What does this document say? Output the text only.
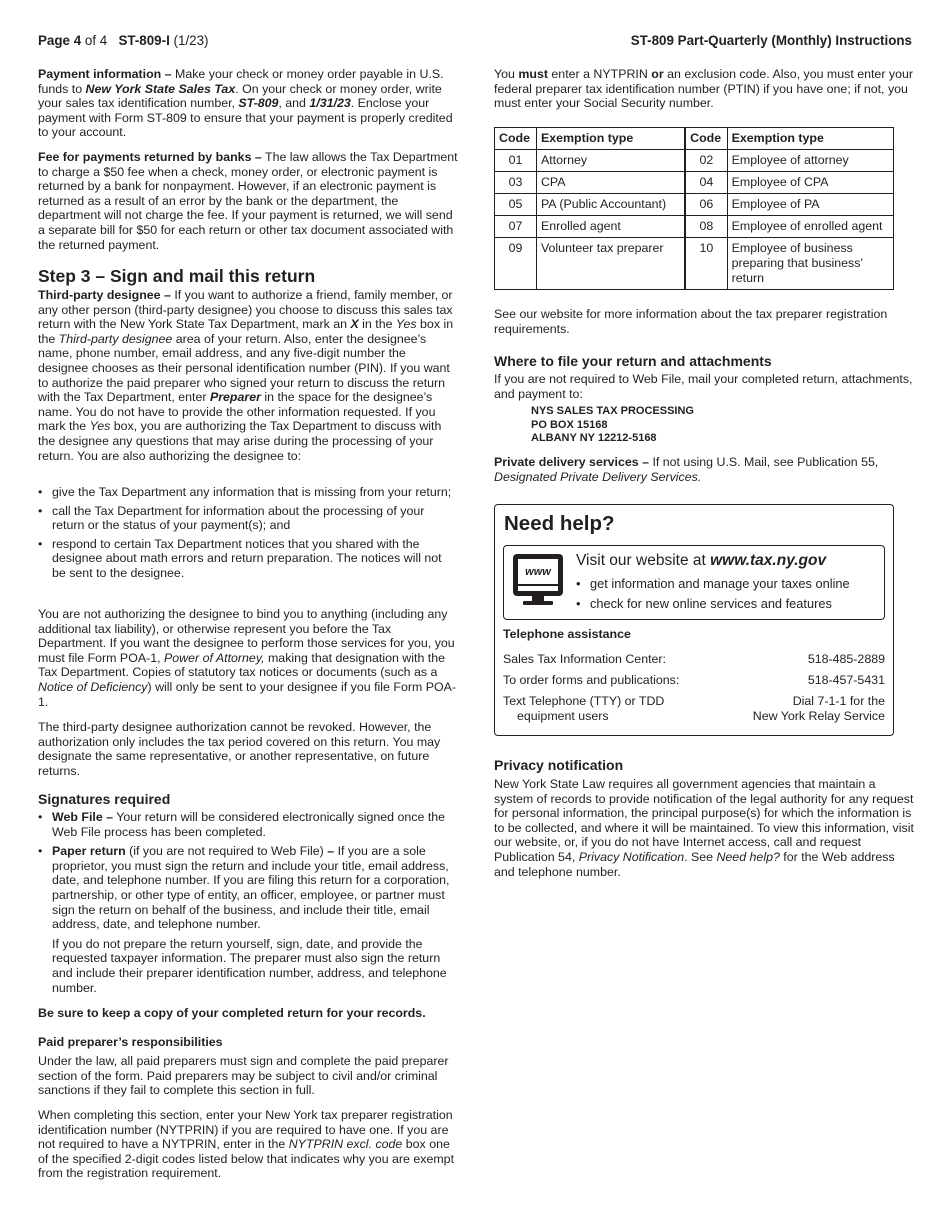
Page 4 of 4 ST-809-I (1/23)	ST-809 Part-Quarterly (Monthly) Instructions

Payment information – Make your check or money order payable in U.S. funds to New York State Sales Tax. On your check or money order, write your sales tax identification number, ST-809, and 1/31/23. Enclose your payment with Form ST-809 to ensure that your payment is properly credited to your account.

Fee for payments returned by banks – The law allows the Tax Department to charge a $50 fee when a check, money order, or electronic payment is returned by a bank for nonpayment. However, if an electronic payment is returned as a result of an error by the bank or the department, the department will not charge the fee. If your payment is returned, we will send a separate bill for $50 for each return or other tax document associated with the returned payment.

Step 3 – Sign and mail this return

Third-party designee – If you want to authorize a friend, family member, or any other person (third-party designee) you choose to discuss this sales tax return with the New York State Tax Department, mark an X in the Yes box in the Third-party designee area of your return. Also, enter the designee’s name, phone number, email address, and any five-digit number the designee chooses as their personal identification number (PIN). If you want to authorize the paid preparer who signed your return to discuss the return with the Tax Department, enter Preparer in the space for the designee’s name. You do not have to provide the other information requested. If you mark the Yes box, you are authorizing the Tax Department to discuss with the designee any questions that may arise during the processing of your return. You are also authorizing the designee to:

• give the Tax Department any information that is missing from your return;

• call the Tax Department for information about the processing of your return or the status of your payment(s); and

• respond to certain Tax Department notices that you shared with the designee about math errors and return preparation. The notices will not be sent to the designee.

You are not authorizing the designee to bind you to anything (including any additional tax liability), or otherwise represent you before the Tax Department. If you want the designee to perform those services for you, you must file Form POA-1, Power of Attorney, making that designation with the Tax Department. Copies of statutory tax notices or documents (such as a Notice of Deficiency) will only be sent to your designee if you file Form POA-1.

The third-party designee authorization cannot be revoked. However, the authorization only includes the tax period covered on this return. You may designate the same representative, or another representative, on future returns.

Signatures required

• Web File – Your return will be considered electronically signed once the Web File process has been completed.

• Paper return (if you are not required to Web File) – If you are a sole proprietor, you must sign the return and include your title, email address, date, and telephone number. If you are filing this return for a corporation, partnership, or other type of entity, an officer, employee, or partner must sign the return on behalf of the business, and include their title, email address, date, and telephone number.

If you do not prepare the return yourself, sign, date, and provide the requested taxpayer information. The preparer must also sign the return and include their preparer identification number, address, and telephone number.

Be sure to keep a copy of your completed return for your records.

Paid preparer’s responsibilities

Under the law, all paid preparers must sign and complete the paid preparer section of the form. Paid preparers may be subject to civil and/or criminal sanctions if they fail to complete this section in full.

When completing this section, enter your New York tax preparer registration identification number (NYTPRIN) if you are required to have one. If you are not required to have a NYTPRIN, enter in the NYTPRIN excl. code box one of the specified 2-digit codes listed below that indicates why you are exempt from the registration requirement.

You must enter a NYTPRIN or an exclusion code. Also, you must enter your federal preparer tax identification number (PTIN) if you have one; if not, you must enter your Social Security number.

Code	Exemption type	Code	Exemption type
01	Attorney	02	Employee of attorney
03	CPA	04	Employee of CPA
05	PA (Public Accountant)	06	Employee of PA
07	Enrolled agent	08	Employee of enrolled agent
09	Volunteer tax preparer	10	Employee of business preparing that business’ return

See our website for more information about the tax preparer registration requirements.

Where to file your return and attachments

If you are not required to Web File, mail your completed return, attachments, and payment to:

NYS SALES TAX PROCESSING
PO BOX 15168
ALBANY NY 12212-5168

Private delivery services – If not using U.S. Mail, see Publication 55, Designated Private Delivery Services.

Need help?
www
Visit our website at www.tax.ny.gov
• get information and manage your taxes online
• check for new online services and features
Telephone assistance
Sales Tax Information Center:	518-485-2889
To order forms and publications:	518-457-5431
Text Telephone (TTY) or TDD
equipment users
Dial 7-1-1 for the
New York Relay Service
Privacy notification

New York State Law requires all government agencies that maintain a system of records to provide notification of the legal authority for any request for personal information, the principal purpose(s) for which the information is to be collected, and where it will be maintained. To view this information, visit our website, or, if you do not have Internet access, call and request Publication 54, Privacy Notification. See Need help? for the Web address and telephone number.
